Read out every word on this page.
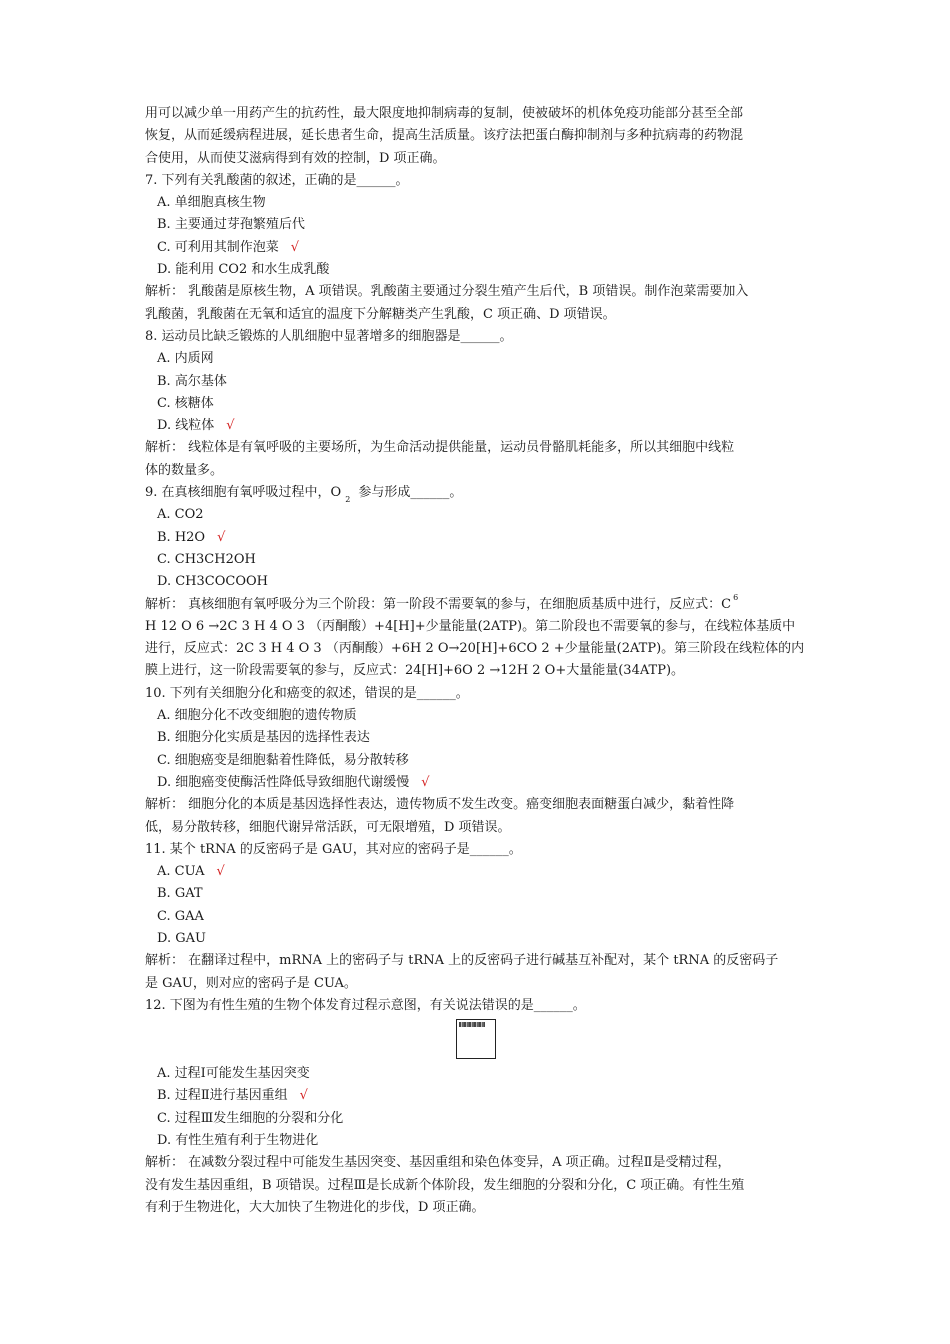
用可以减少单一用药产生的抗药性，最大限度地抑制病毒的复制，使被破坏的机体免疫功能部分甚至全部
恢复，从而延缓病程进展，延长患者生命，提高生活质量。该疗法把蛋白酶抑制剂与多种抗病毒的药物混
合使用，从而使艾滋病得到有效的控制，D 项正确。
7. 下列有关乳酸菌的叙述，正确的是______。
A. 单细胞真核生物
B. 主要通过芽孢繁殖后代
C. 可利用其制作泡菜 √
D. 能利用 CO2 和水生成乳酸
解析： 乳酸菌是原核生物，A 项错误。乳酸菌主要通过分裂生殖产生后代，B 项错误。制作泡菜需要加入
乳酸菌，乳酸菌在无氧和适宜的温度下分解糖类产生乳酸，C 项正确、D 项错误。
8. 运动员比缺乏锻炼的人肌细胞中显著增多的细胞器是______。
A. 内质网
B. 高尔基体
C. 核糖体
D. 线粒体 √
解析： 线粒体是有氧呼吸的主要场所，为生命活动提供能量，运动员骨骼肌耗能多，所以其细胞中线粒
体的数量多。
9. 在真核细胞有氧呼吸过程中，O $_2$ 参与形成______。
A. CO2
B. H2O √
C. CH3CH2OH
D. CH3COCOOH
解析： 真核细胞有氧呼吸分为三个阶段：第一阶段不需要氧的参与，在细胞质基质中进行，反应式：C $^6$
H 12 O 6 →2C 3 H 4 O 3 （丙酮酸）+4[H]+少量能量(2ATP)。第二阶段也不需要氧的参与，在线粒体基质中
进行，反应式：2C 3 H 4 O 3 （丙酮酸）+6H 2 O→20[H]+6CO 2 +少量能量(2ATP)。第三阶段在线粒体的内
膜上进行，这一阶段需要氧的参与，反应式：24[H]+6O 2 →12H 2 O+大量能量(34ATP)。
10. 下列有关细胞分化和癌变的叙述，错误的是______。
A. 细胞分化不改变细胞的遗传物质
B. 细胞分化实质是基因的选择性表达
C. 细胞癌变是细胞黏着性降低，易分散转移
D. 细胞癌变使酶活性降低导致细胞代谢缓慢 √
解析： 细胞分化的本质是基因选择性表达，遗传物质不发生改变。癌变细胞表面糖蛋白减少，黏着性降
低，易分散转移，细胞代谢异常活跃，可无限增殖，D 项错误。
11. 某个 tRNA 的反密码子是 GAU，其对应的密码子是______。
A. CUA √
B. GAT
C. GAA
D. GAU
解析： 在翻译过程中，mRNA 上的密码子与 tRNA 上的反密码子进行碱基互补配对，某个 tRNA 的反密码子
是 GAU，则对应的密码子是 CUA。
12. 下图为有性生殖的生物个体发育过程示意图，有关说法错误的是______。
A. 过程Ⅰ可能发生基因突变
B. 过程Ⅱ进行基因重组 √
C. 过程Ⅲ发生细胞的分裂和分化
D. 有性生殖有利于生物进化
解析： 在减数分裂过程中可能发生基因突变、基因重组和染色体变异，A 项正确。过程Ⅱ是受精过程，
没有发生基因重组，B 项错误。过程Ⅲ是长成新个体阶段，发生细胞的分裂和分化，C 项正确。有性生殖
有利于生物进化，大大加快了生物进化的步伐，D 项正确。
